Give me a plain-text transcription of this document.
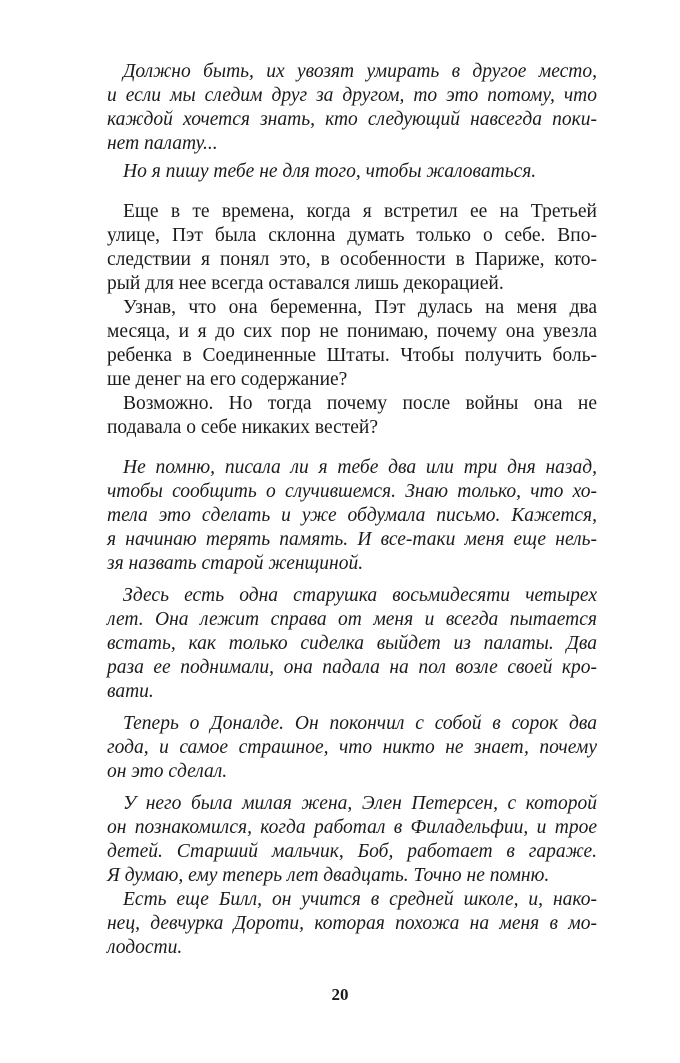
Должно быть, их увозят умирать в другое место,
и если мы следим друг за другом, то это потому, что
каждой хочется знать, кто следующий навсегда поки-
нет палату...
Но я пишу тебе не для того, чтобы жаловаться.
Еще в те времена, когда я встретил ее на Третьей
улице, Пэт была склонна думать только о себе. Впо-
следствии я понял это, в особенности в Париже, кото-
рый для нее всегда оставался лишь декорацией.
Узнав, что она беременна, Пэт дулась на меня два
месяца, и я до сих пор не понимаю, почему она увезла
ребенка в Соединенные Штаты. Чтобы получить боль-
ше денег на его содержание?
Возможно. Но тогда почему после войны она не
подавала о себе никаких вестей?
Не помню, писала ли я тебе два или три дня назад,
чтобы сообщить о случившемся. Знаю только, что хо-
тела это сделать и уже обдумала письмо. Кажется,
я начинаю терять память. И все-таки меня еще нель-
зя назвать старой женщиной.
Здесь есть одна старушка восьмидесяти четырех
лет. Она лежит справа от меня и всегда пытается
встать, как только сиделка выйдет из палаты. Два
раза ее поднимали, она падала на пол возле своей кро-
вати.
Теперь о Доналде. Он покончил с собой в сорок два
года, и самое страшное, что никто не знает, почему
он это сделал.
У него была милая жена, Элен Петерсен, с которой
он познакомился, когда работал в Филадельфии, и трое
детей. Старший мальчик, Боб, работает в гараже.
Я думаю, ему теперь лет двадцать. Точно не помню.
Есть еще Билл, он учится в средней школе, и, нако-
нец, девчурка Дороти, которая похожа на меня в мо-
лодости.
20
